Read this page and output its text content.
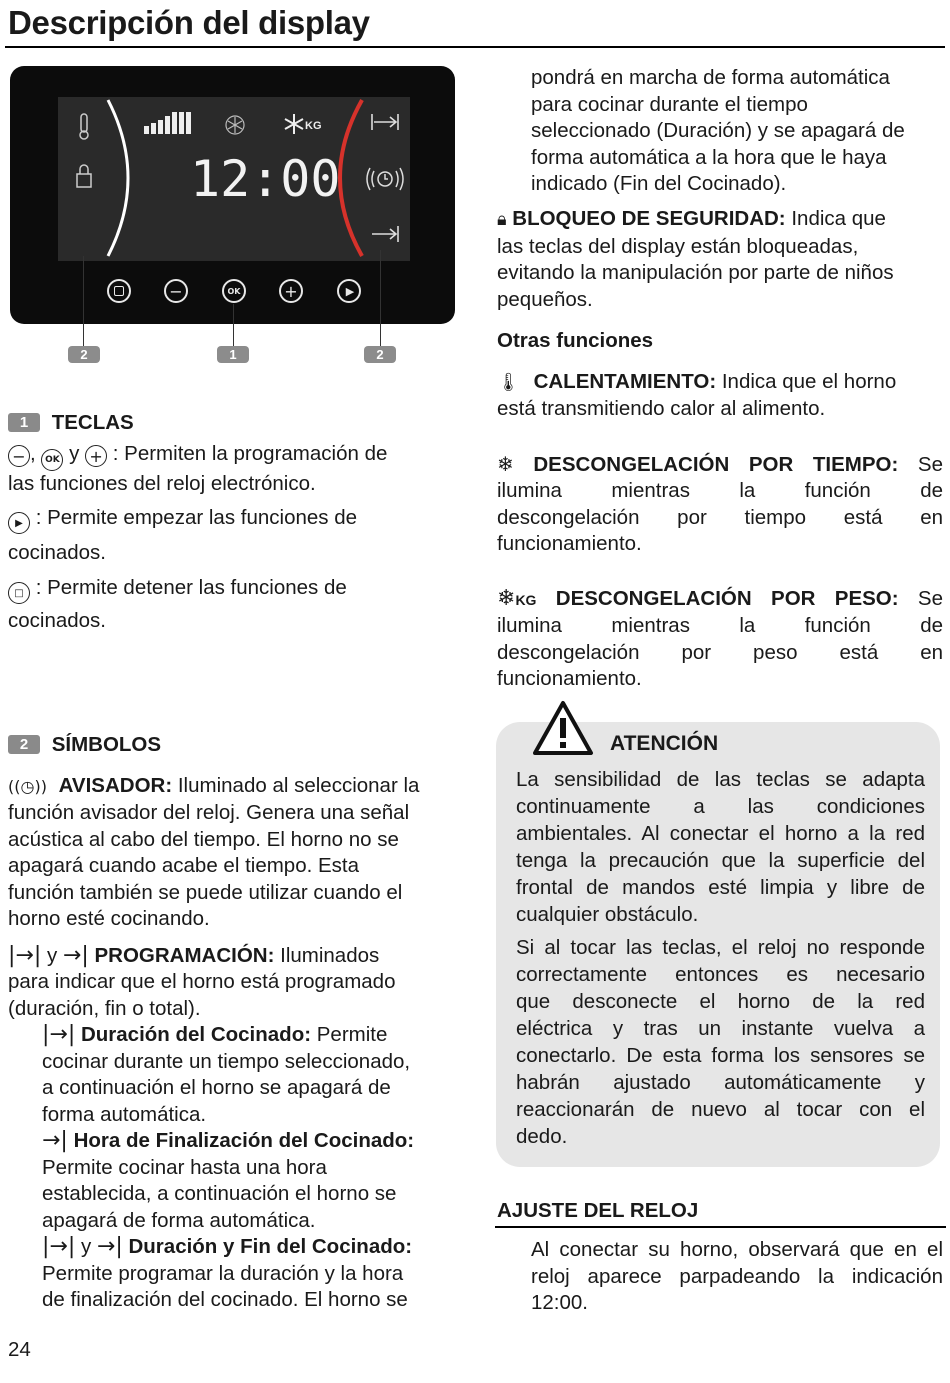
Descripción del display
12:00
KG
−	OK	+	▶
2	1	2
1 TECLAS
− , OK y + : Permiten la programación de
las funciones del reloj electrónico.
▶ : Permite empezar las funciones de
cocinados.
□ : Permite detener las funciones de
cocinados.
2 SÍMBOLOS
((◷)) AVISADOR: Iluminado al seleccionar la
función avisador del reloj. Genera una señal
acústica al cabo del tiempo. El horno no se
apagará cuando acabe el tiempo. Esta
función también se puede utilizar cuando el
horno esté cocinando.
|→| y →| PROGRAMACIÓN: Iluminados
para indicar que el horno está programado
(duración, fin o total).
|→| Duración del Cocinado: Permite
cocinar durante un tiempo seleccionado,
a continuación el horno se apagará de
forma automática.
→| Hora de Finalización del Cocinado:
Permite cocinar hasta una hora
establecida, a continuación el horno se
apagará de forma automática.
|→| y →| Duración y Fin del Cocinado:
Permite programar la duración y la hora
de finalización del cocinado. El horno se
24
pondrá en marcha de forma automática
para cocinar durante el tiempo
seleccionado (Duración) y se apagará de
forma automática a la hora que le haya
indicado (Fin del Cocinado).
🔒︎ BLOQUEO DE SEGURIDAD: Indica que
las teclas del display están bloqueadas,
evitando la manipulación por parte de niños
pequeños.
Otras funciones
🌡︎ CALENTAMIENTO: Indica que el horno
está transmitiendo calor al alimento.
❄ DESCONGELACIÓN POR TIEMPO: Se
ilumina mientras la función de
descongelación por tiempo está en
funcionamiento.
❄KG DESCONGELACIÓN POR PESO: Se
ilumina mientras la función de
descongelación por peso está en
funcionamiento.
ATENCIÓN
La sensibilidad de las teclas se adapta
continuamente a las condiciones
ambientales. Al conectar el horno a la red
tenga la precaución que la superficie del
frontal de mandos esté limpia y libre de
cualquier obstáculo.
Si al tocar las teclas, el reloj no responde
correctamente entonces es necesario
que desconecte el horno de la red
eléctrica y tras un instante vuelva a
conectarlo. De esta forma los sensores se
habrán ajustado automáticamente y
reaccionarán de nuevo al tocar con el
dedo.
AJUSTE DEL RELOJ
Al conectar su horno, observará que en el
reloj aparece parpadeando la indicación
12:00.
